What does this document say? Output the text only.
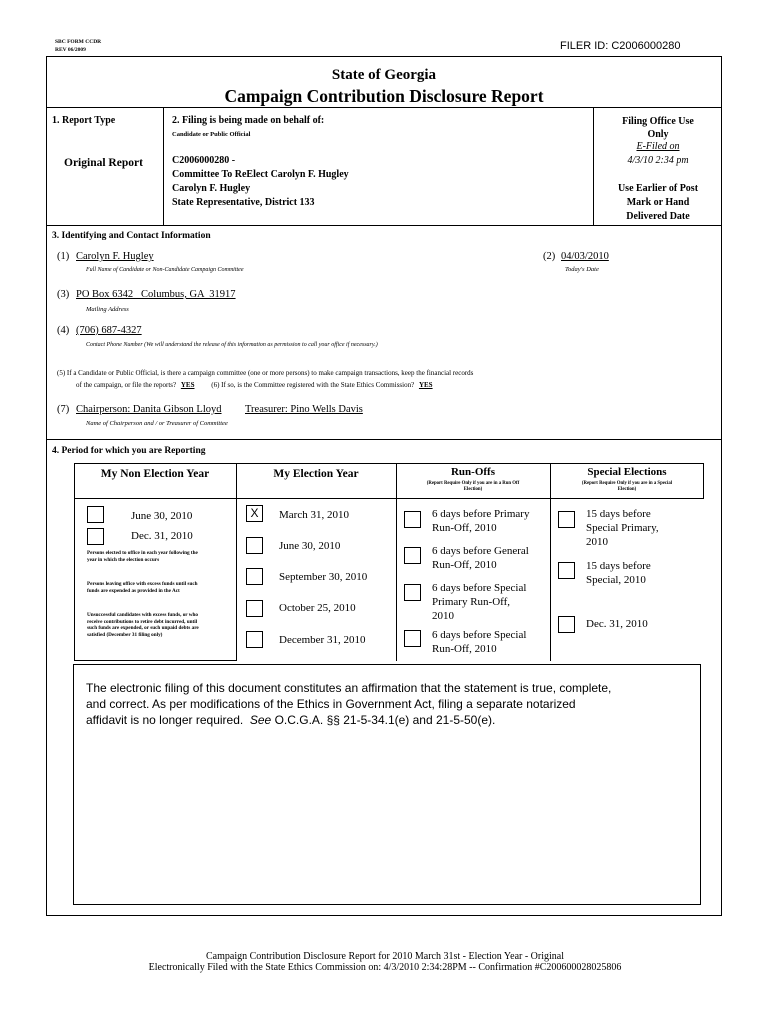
SBC FORM CCDR
REV 06/2009	FILER ID: C2006000280
State of Georgia
Campaign Contribution Disclosure Report
1. Report Type
Original Report
2. Filing is being made on behalf of:
Candidate or Public Official
C2006000280 -
Committee To ReElect Carolyn F. Hugley
Carolyn F. Hugley
State Representative, District 133
Filing Office Use
Only
E-Filed on
4/3/10 2:34 pm
Use Earlier of Post
Mark or Hand
Delivered Date
3. Identifying and Contact Information
(1) Carolyn F. Hugley
Full Name of Candidate or Non-Candidate Campaign Committee
(2) 04/03/2010
Today's Date
(3) PO Box 6342   Columbus, GA  31917
Mailing Address
(4) (706) 687-4327
Contact Phone Number (We will understand the release of this information as permission to call your office if necessary.)
(5) If a Candidate or Public Official, is there a campaign committee (one or more persons) to make campaign transactions, keep the financial records
of the campaign, or file the reports? YES (6) If so, is the Committee registered with the State Ethics Commission? YES
(7) Chairperson: Danita Gibson Lloyd Treasurer: Pino Wells Davis
Name of Chairperson and / or Treasurer of Committee
4. Period for which you are Reporting
My Non Election Year	My Election Year	Run-Offs
(Report Require Only if you are in a Run Off
Election)
Special Elections
(Report Require Only if you are in a Special
Election)
June 30, 2010
Dec. 31, 2010
Persons elected to office in each year following the year in which the election occurs
Persons leaving office with excess funds until such funds are expended as provided in the Act
Unsuccessful candidates with excess funds, or who receive contributions to retire debt incurred, until such funds are expended, or such unpaid debts are satisfied (December 31 filing only)
X	March 31, 2010
June 30, 2010
September 30, 2010
October 25, 2010
December 31, 2010
6 days before Primary
Run-Off, 2010
6 days before General
Run-Off, 2010
6 days before Special
Primary Run-Off,
2010
6 days before Special
Run-Off, 2010
15 days before
Special Primary,
2010
15 days before
Special, 2010
Dec. 31, 2010
The electronic filing of this document constitutes an affirmation that the statement is true, complete,
and correct. As per modifications of the Ethics in Government Act, filing a separate notarized
affidavit is no longer required.  See O.C.G.A. §§ 21-5-34.1(e) and 21-5-50(e).
Campaign Contribution Disclosure Report for 2010 March 31st - Election Year - Original
Electronically Filed with the State Ethics Commission on: 4/3/2010 2:34:28PM -- Confirmation #C200600028025806
